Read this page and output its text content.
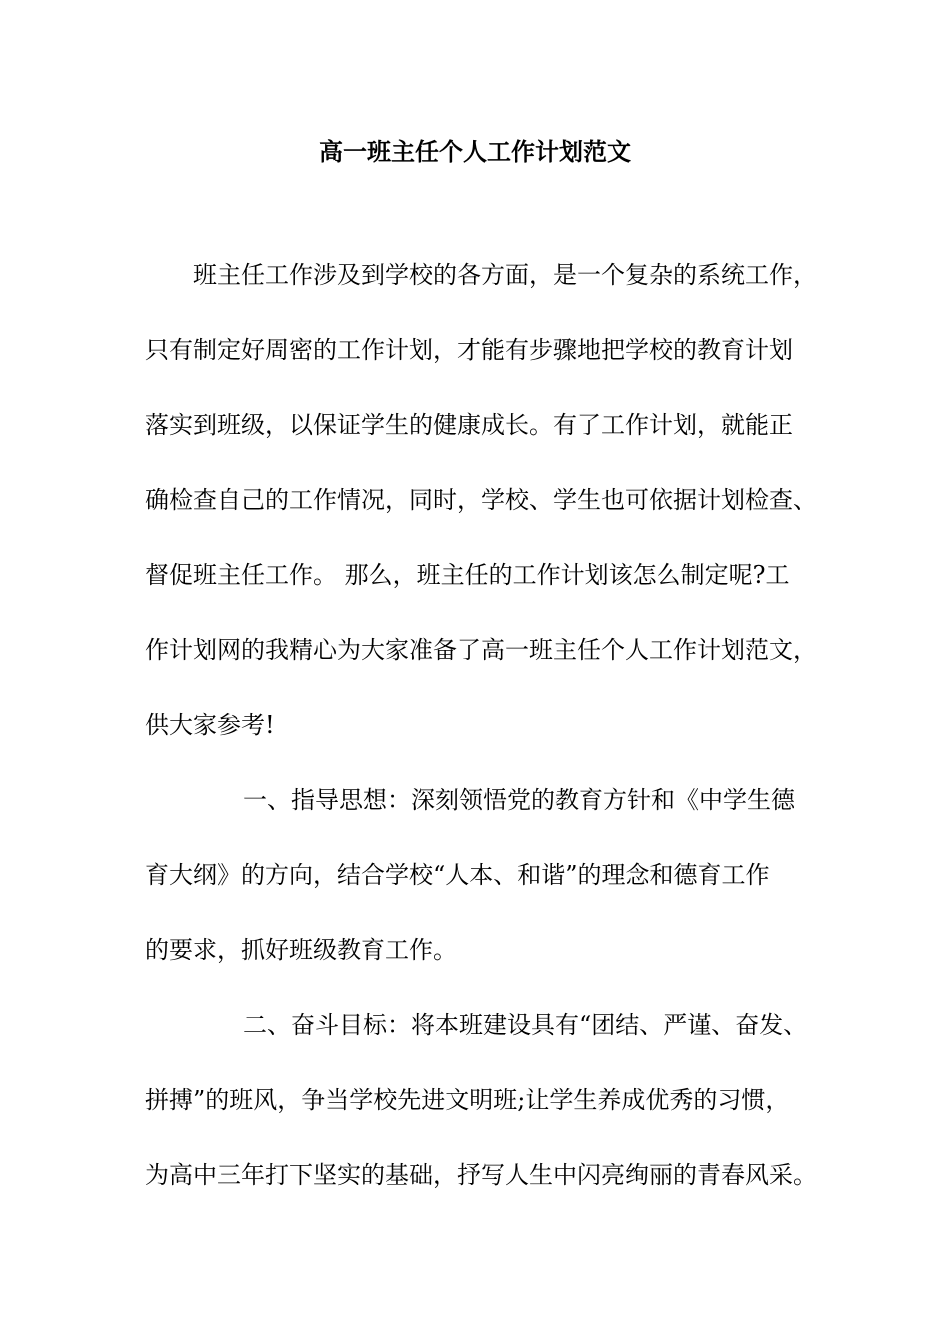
高一班主任个人工作计划范文

班主任工作涉及到学校的各方面，是一个复杂的系统工作，

只有制定好周密的工作计划，才能有步骤地把学校的教育计划

落实到班级，以保证学生的健康成长。有了工作计划，就能正

确检查自己的工作情况，同时，学校、学生也可依据计划检查、

督促班主任工作。 那么，班主任的工作计划该怎么制定呢?工

作计划网的我精心为大家准备了高一班主任个人工作计划范文，

供大家参考!

一、指导思想：深刻领悟党的教育方针和《中学生德

育大纲》的方向，结合学校“人本、和谐”的理念和德育工作

的要求，抓好班级教育工作。

二、奋斗目标：将本班建设具有“团结、严谨、奋发、

拼搏”的班风，争当学校先进文明班;让学生养成优秀的习惯，

为高中三年打下坚实的基础，抒写人生中闪亮绚丽的青春风采。
